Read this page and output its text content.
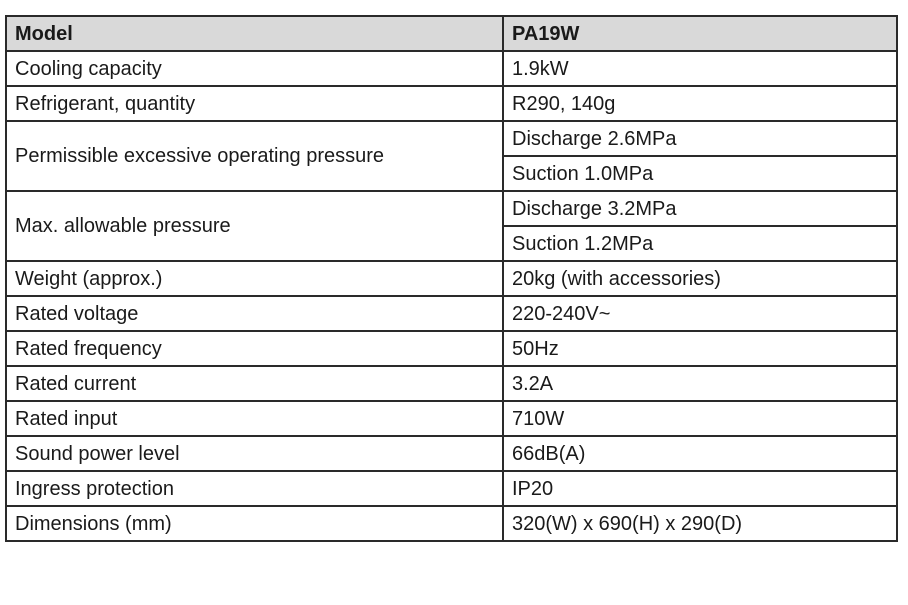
Model	PA19W
Cooling capacity	1.9kW
Refrigerant, quantity	R290, 140g
Permissible excessive operating pressure	Discharge 2.6MPa
	Suction 1.0MPa
Max. allowable pressure	Discharge 3.2MPa
	Suction 1.2MPa
Weight (approx.)	20kg (with accessories)
Rated voltage	220-240V~
Rated frequency	50Hz
Rated current	3.2A
Rated input	710W
Sound power level	66dB(A)
Ingress protection	IP20
Dimensions (mm)	320(W) x 690(H) x 290(D)
